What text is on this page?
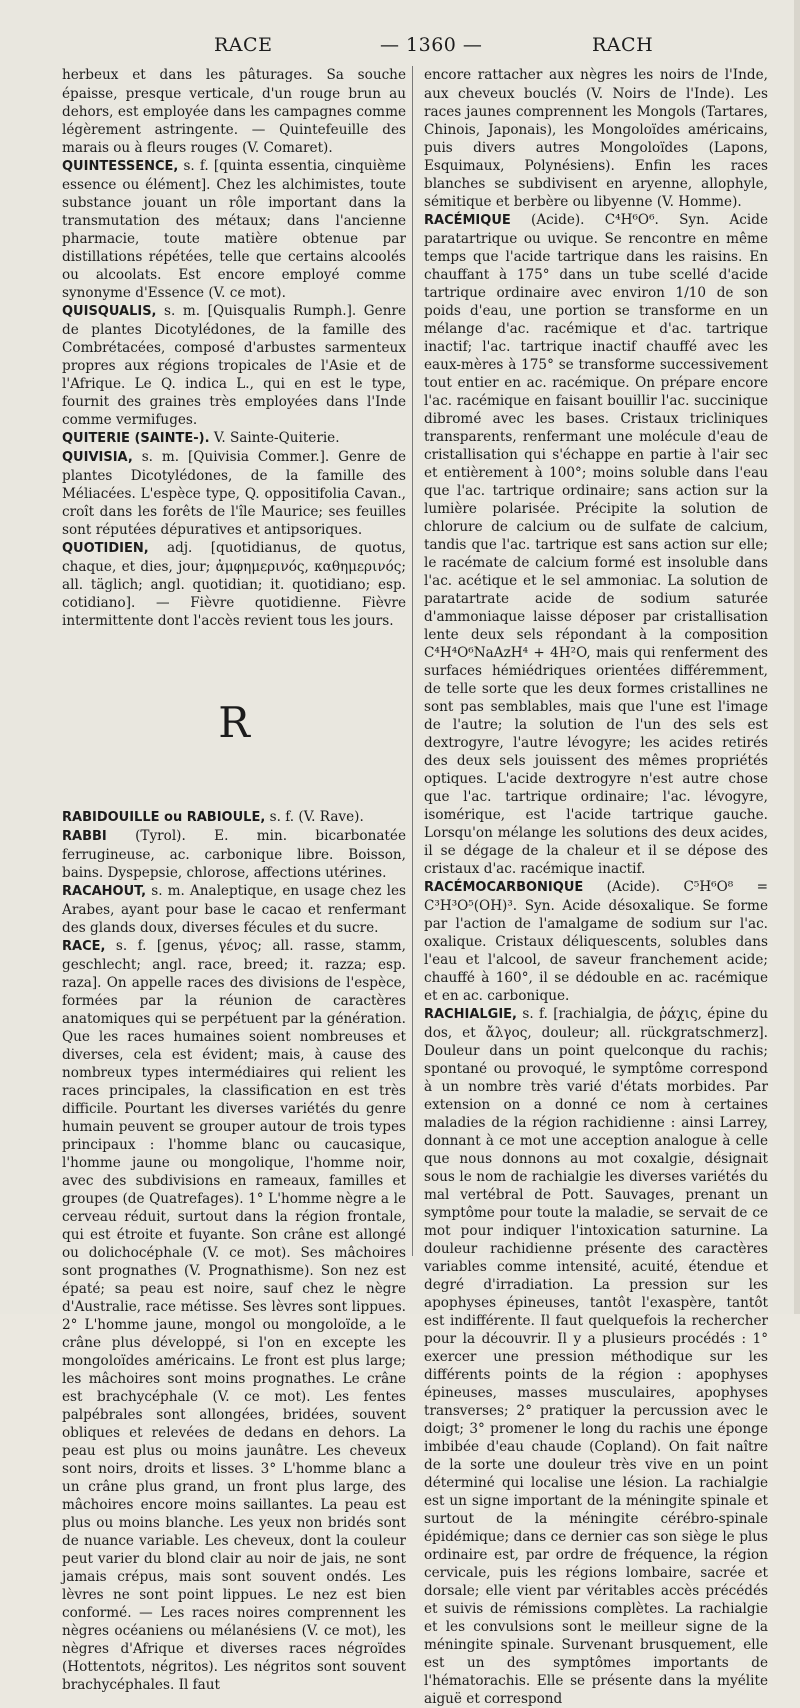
RACE	— 1360 —	RACH

herbeux et dans les pâturages. Sa souche épaisse, presque verticale, d'un rouge brun au dehors, est employée dans les campagnes comme légèrement astringente. — Quintefeuille des marais ou à fleurs rouges (V. Comaret).

QUINTESSENCE, s. f. [quinta essentia, cinquième essence ou élément]. Chez les alchimistes, toute substance jouant un rôle important dans la transmutation des métaux; dans l'ancienne pharmacie, toute matière obtenue par distillations répétées, telle que certains alcoolés ou alcoolats. Est encore employé comme synonyme d'Essence (V. ce mot).

QUISQUALIS, s. m. [Quisqualis Rumph.]. Genre de plantes Dicotylédones, de la famille des Combrétacées, composé d'arbustes sarmenteux propres aux régions tropicales de l'Asie et de l'Afrique. Le Q. indica L., qui en est le type, fournit des graines très employées dans l'Inde comme vermifuges.

QUITERIE (SAINTE-). V. Sainte-Quiterie.

QUIVISIA, s. m. [Quivisia Commer.]. Genre de plantes Dicotylédones, de la famille des Méliacées. L'espèce type, Q. oppositifolia Cavan., croît dans les forêts de l'île Maurice; ses feuilles sont réputées dépuratives et antipsoriques.

QUOTIDIEN, adj. [quotidianus, de quotus, chaque, et dies, jour; ἀμφημερινός, καθημερινός; all. täglich; angl. quotidian; it. quotidiano; esp. cotidiano]. — Fièvre quotidienne. Fièvre intermittente dont l'accès revient tous les jours.

R

RABIDOUILLE ou RABIOULE, s. f. (V. Rave).

RABBI (Tyrol). E. min. bicarbonatée ferrugineuse, ac. carbonique libre. Boisson, bains. Dyspepsie, chlorose, affections utérines.

RACAHOUT, s. m. Analeptique, en usage chez les Arabes, ayant pour base le cacao et renfermant des glands doux, diverses fécules et du sucre.

RACE, s. f. [genus, γένος; all. rasse, stamm, geschlecht; angl. race, breed; it. razza; esp. raza]. On appelle races des divisions de l'espèce, formées par la réunion de caractères anatomiques qui se perpétuent par la génération. Que les races humaines soient nombreuses et diverses, cela est évident; mais, à cause des nombreux types intermédiaires qui relient les races principales, la classification en est très difficile. Pourtant les diverses variétés du genre humain peuvent se grouper autour de trois types principaux : l'homme blanc ou caucasique, l'homme jaune ou mongolique, l'homme noir, avec des subdivisions en rameaux, familles et groupes (de Quatrefages). 1° L'homme nègre a le cerveau réduit, surtout dans la région frontale, qui est étroite et fuyante. Son crâne est allongé ou dolichocéphale (V. ce mot). Ses mâchoires sont prognathes (V. Prognathisme). Son nez est épaté; sa peau est noire, sauf chez le nègre d'Australie, race métisse. Ses lèvres sont lippues. 2° L'homme jaune, mongol ou mongoloïde, a le crâne plus développé, si l'on en excepte les mongoloïdes américains. Le front est plus large; les mâchoires sont moins prognathes. Le crâne est brachycéphale (V. ce mot). Les fentes palpébrales sont allongées, bridées, souvent obliques et relevées de dedans en dehors. La peau est plus ou moins jaunâtre. Les cheveux sont noirs, droits et lisses. 3° L'homme blanc a un crâne plus grand, un front plus large, des mâchoires encore moins saillantes. La peau est plus ou moins blanche. Les yeux non bridés sont de nuance variable. Les cheveux, dont la couleur peut varier du blond clair au noir de jais, ne sont jamais crépus, mais sont souvent ondés. Les lèvres ne sont point lippues. Le nez est bien conformé. — Les races noires comprennent les nègres océaniens ou mélanésiens (V. ce mot), les nègres d'Afrique et diverses races négroïdes (Hottentots, négritos). Les négritos sont souvent brachycéphales. Il faut

encore rattacher aux nègres les noirs de l'Inde, aux cheveux bouclés (V. Noirs de l'Inde). Les races jaunes comprennent les Mongols (Tartares, Chinois, Japonais), les Mongoloïdes américains, puis divers autres Mongoloïdes (Lapons, Esquimaux, Polynésiens). Enfin les races blanches se subdivisent en aryenne, allophyle, sémitique et berbère ou libyenne (V. Homme).

RACÉMIQUE (Acide). C⁴H⁶O⁶. Syn. Acide paratartrique ou uvique. Se rencontre en même temps que l'acide tartrique dans les raisins. En chauffant à 175° dans un tube scellé d'acide tartrique ordinaire avec environ 1/10 de son poids d'eau, une portion se transforme en un mélange d'ac. racémique et d'ac. tartrique inactif; l'ac. tartrique inactif chauffé avec les eaux-mères à 175° se transforme successivement tout entier en ac. racémique. On prépare encore l'ac. racémique en faisant bouillir l'ac. succinique dibromé avec les bases. Cristaux tricliniques transparents, renfermant une molécule d'eau de cristallisation qui s'échappe en partie à l'air sec et entièrement à 100°; moins soluble dans l'eau que l'ac. tartrique ordinaire; sans action sur la lumière polarisée. Précipite la solution de chlorure de calcium ou de sulfate de calcium, tandis que l'ac. tartrique est sans action sur elle; le racémate de calcium formé est insoluble dans l'ac. acétique et le sel ammoniac. La solution de paratartrate acide de sodium saturée d'ammoniaque laisse déposer par cristallisation lente deux sels répondant à la composition C⁴H⁴O⁶NaAzH⁴ + 4H²O, mais qui renferment des surfaces hémiédriques orientées différemment, de telle sorte que les deux formes cristallines ne sont pas semblables, mais que l'une est l'image de l'autre; la solution de l'un des sels est dextrogyre, l'autre lévogyre; les acides retirés des deux sels jouissent des mêmes propriétés optiques. L'acide dextrogyre n'est autre chose que l'ac. tartrique ordinaire; l'ac. lévogyre, isomérique, est l'acide tartrique gauche. Lorsqu'on mélange les solutions des deux acides, il se dégage de la chaleur et il se dépose des cristaux d'ac. racémique inactif.

RACÉMOCARBONIQUE (Acide). C⁵H⁶O⁸ = C³H³O⁵(OH)³. Syn. Acide désoxalique. Se forme par l'action de l'amalgame de sodium sur l'ac. oxalique. Cristaux déliquescents, solubles dans l'eau et l'alcool, de saveur franchement acide; chauffé à 160°, il se dédouble en ac. racémique et en ac. carbonique.

RACHIALGIE, s. f. [rachialgia, de ῥάχις, épine du dos, et ἄλγος, douleur; all. rückgratschmerz]. Douleur dans un point quelconque du rachis; spontané ou provoqué, le symptôme correspond à un nombre très varié d'états morbides. Par extension on a donné ce nom à certaines maladies de la région rachidienne : ainsi Larrey, donnant à ce mot une acception analogue à celle que nous donnons au mot coxalgie, désignait sous le nom de rachialgie les diverses variétés du mal vertébral de Pott. Sauvages, prenant un symptôme pour toute la maladie, se servait de ce mot pour indiquer l'intoxication saturnine. La douleur rachidienne présente des caractères variables comme intensité, acuité, étendue et degré d'irradiation. La pression sur les apophyses épineuses, tantôt l'exaspère, tantôt est indifférente. Il faut quelquefois la rechercher pour la découvrir. Il y a plusieurs procédés : 1° exercer une pression méthodique sur les différents points de la région : apophyses épineuses, masses musculaires, apophyses transverses; 2° pratiquer la percussion avec le doigt; 3° promener le long du rachis une éponge imbibée d'eau chaude (Copland). On fait naître de la sorte une douleur très vive en un point déterminé qui localise une lésion. La rachialgie est un signe important de la méningite spinale et surtout de la méningite cérébro-spinale épidémique; dans ce dernier cas son siège le plus ordinaire est, par ordre de fréquence, la région cervicale, puis les régions lombaire, sacrée et dorsale; elle vient par véritables accès précédés et suivis de rémissions complètes. La rachialgie et les convulsions sont le meilleur signe de la méningite spinale. Survenant brusquement, elle est un des symptômes importants de l'hématorachis. Elle se présente dans la myélite aiguë et correspond
